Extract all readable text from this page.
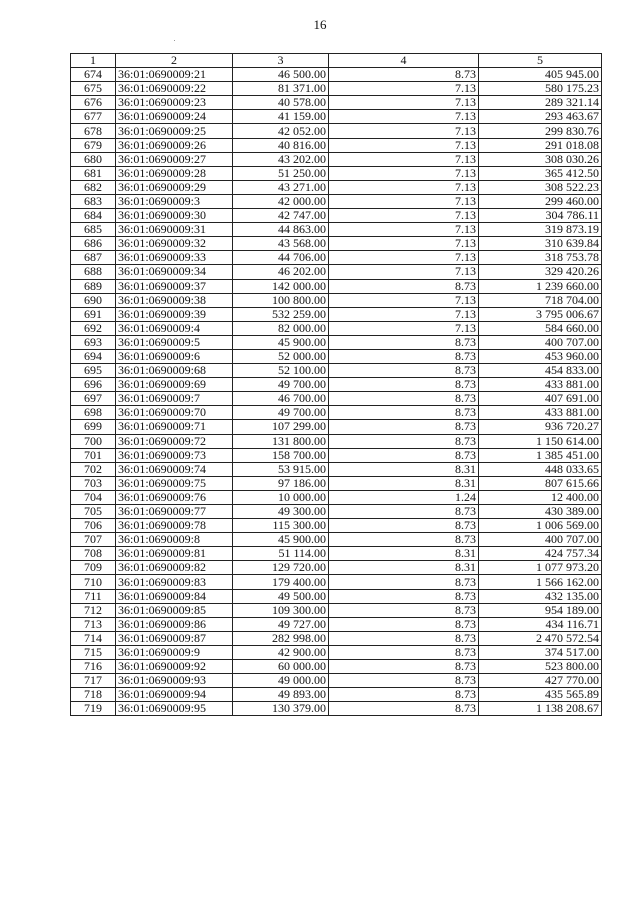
16
1	2	3	4	5
674	36:01:0690009:21	46 500.00	8.73	405 945.00
675	36:01:0690009:22	81 371.00	7.13	580 175.23
676	36:01:0690009:23	40 578.00	7.13	289 321.14
677	36:01:0690009:24	41 159.00	7.13	293 463.67
678	36:01:0690009:25	42 052.00	7.13	299 830.76
679	36:01:0690009:26	40 816.00	7.13	291 018.08
680	36:01:0690009:27	43 202.00	7.13	308 030.26
681	36:01:0690009:28	51 250.00	7.13	365 412.50
682	36:01:0690009:29	43 271.00	7.13	308 522.23
683	36:01:0690009:3	42 000.00	7.13	299 460.00
684	36:01:0690009:30	42 747.00	7.13	304 786.11
685	36:01:0690009:31	44 863.00	7.13	319 873.19
686	36:01:0690009:32	43 568.00	7.13	310 639.84
687	36:01:0690009:33	44 706.00	7.13	318 753.78
688	36:01:0690009:34	46 202.00	7.13	329 420.26
689	36:01:0690009:37	142 000.00	8.73	1 239 660.00
690	36:01:0690009:38	100 800.00	7.13	718 704.00
691	36:01:0690009:39	532 259.00	7.13	3 795 006.67
692	36:01:0690009:4	82 000.00	7.13	584 660.00
693	36:01:0690009:5	45 900.00	8.73	400 707.00
694	36:01:0690009:6	52 000.00	8.73	453 960.00
695	36:01:0690009:68	52 100.00	8.73	454 833.00
696	36:01:0690009:69	49 700.00	8.73	433 881.00
697	36:01:0690009:7	46 700.00	8.73	407 691.00
698	36:01:0690009:70	49 700.00	8.73	433 881.00
699	36:01:0690009:71	107 299.00	8.73	936 720.27
700	36:01:0690009:72	131 800.00	8.73	1 150 614.00
701	36:01:0690009:73	158 700.00	8.73	1 385 451.00
702	36:01:0690009:74	53 915.00	8.31	448 033.65
703	36:01:0690009:75	97 186.00	8.31	807 615.66
704	36:01:0690009:76	10 000.00	1.24	12 400.00
705	36:01:0690009:77	49 300.00	8.73	430 389.00
706	36:01:0690009:78	115 300.00	8.73	1 006 569.00
707	36:01:0690009:8	45 900.00	8.73	400 707.00
708	36:01:0690009:81	51 114.00	8.31	424 757.34
709	36:01:0690009:82	129 720.00	8.31	1 077 973.20
710	36:01:0690009:83	179 400.00	8.73	1 566 162.00
711	36:01:0690009:84	49 500.00	8.73	432 135.00
712	36:01:0690009:85	109 300.00	8.73	954 189.00
713	36:01:0690009:86	49 727.00	8.73	434 116.71
714	36:01:0690009:87	282 998.00	8.73	2 470 572.54
715	36:01:0690009:9	42 900.00	8.73	374 517.00
716	36:01:0690009:92	60 000.00	8.73	523 800.00
717	36:01:0690009:93	49 000.00	8.73	427 770.00
718	36:01:0690009:94	49 893.00	8.73	435 565.89
719	36:01:0690009:95	130 379.00	8.73	1 138 208.67
